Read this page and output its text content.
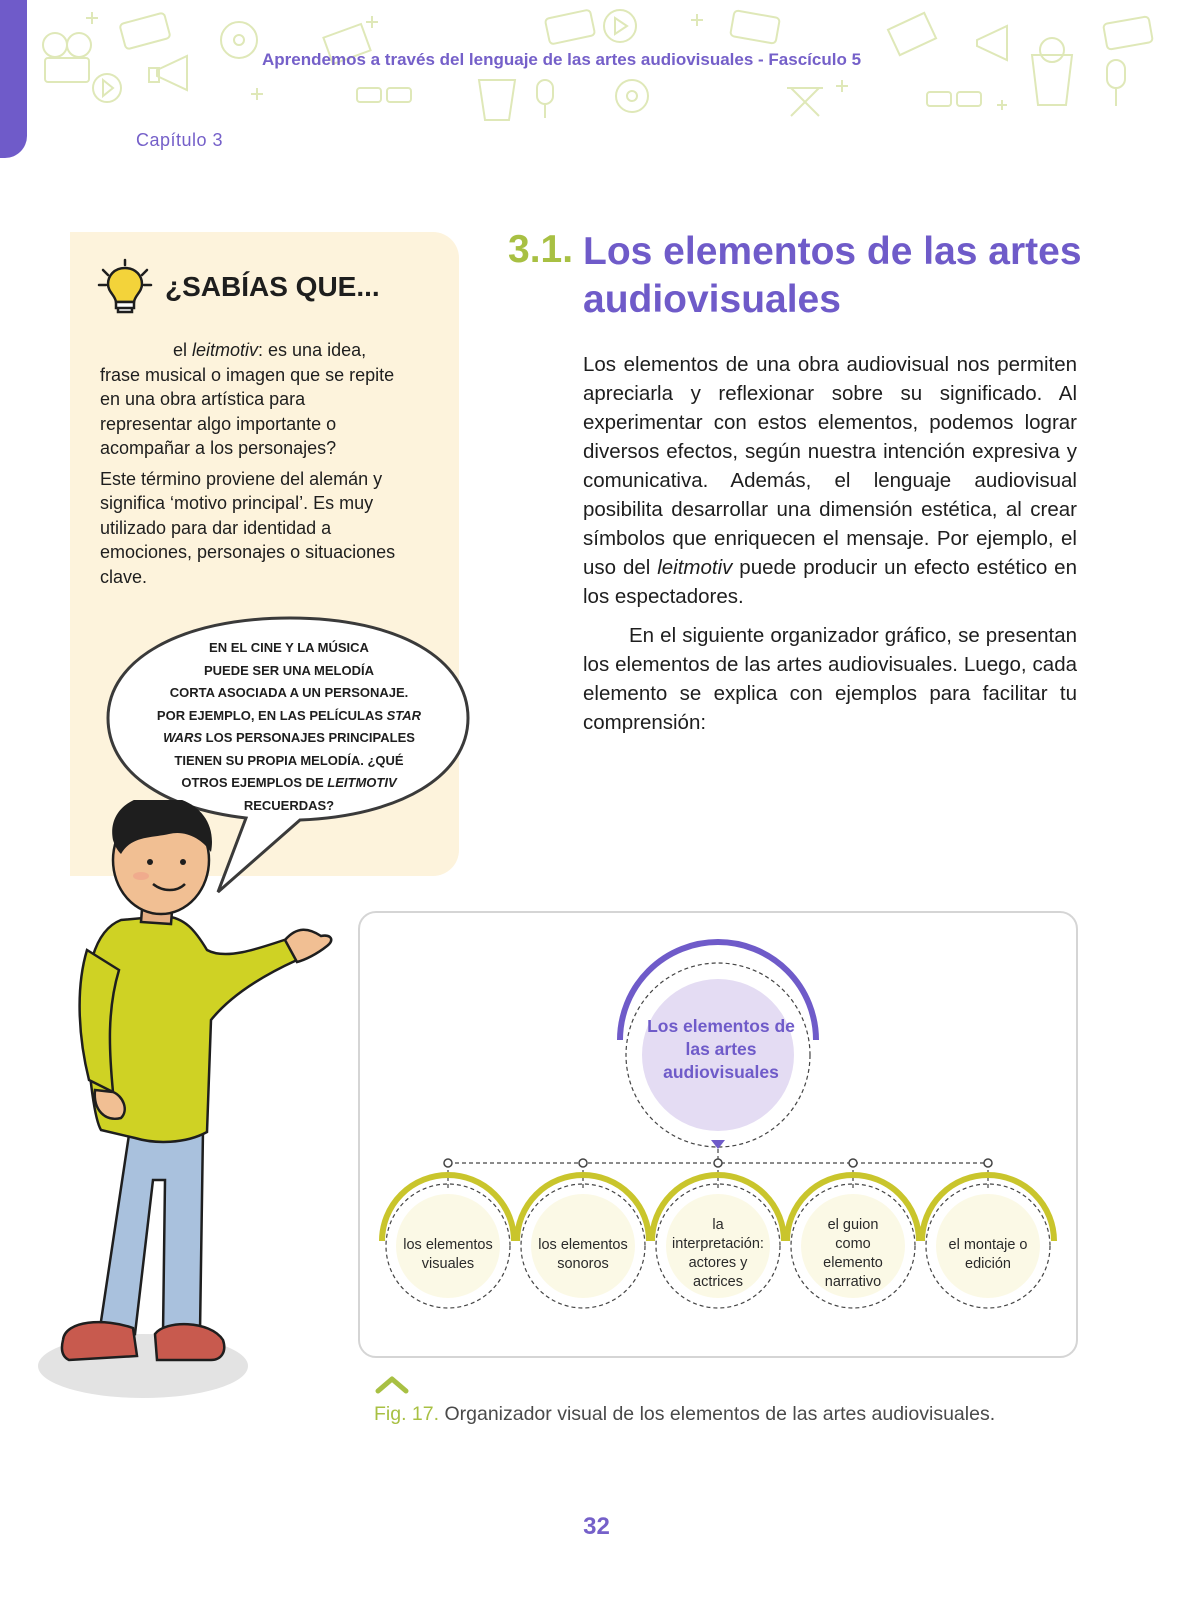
Aprendemos a través del lenguaje de las artes audiovisuales - Fascículo 5
Capítulo 3
¿SABÍAS QUE...

el leitmotiv: es una idea, frase musical o imagen que se repite en una obra artística para representar algo importante o acompañar a los personajes?

Este término proviene del alemán y significa ‘motivo principal’. Es muy utilizado para dar identidad a emociones, personajes o situaciones clave.

EN EL CINE Y LA MÚSICA
PUEDE SER UNA MELODÍA
CORTA ASOCIADA A UN PERSONAJE.
POR EJEMPLO, EN LAS PELÍCULAS STAR
WARS LOS PERSONAJES PRINCIPALES
TIENEN SU PROPIA MELODÍA. ¿QUÉ
OTROS EJEMPLOS DE LEITMOTIV
RECUERDAS?
3.1. Los elementos de las artes audiovisuales

Los elementos de una obra audiovisual nos permiten apreciarla y reflexionar sobre su significado. Al experimentar con estos elementos, podemos lograr diversos efectos, según nuestra intención expresiva y comunicativa. Además, el lenguaje audiovisual posibilita desarrollar una dimensión estética, al crear símbolos que enriquecen el mensaje. Por ejemplo, el uso del leitmotiv puede producir un efecto estético en los espectadores.

En el siguiente organizador gráfico, se presentan los elementos de las artes audiovisuales. Luego, cada elemento se explica con ejemplos para facilitar tu comprensión:

Los elementos de las artes audiovisuales
los elementos visuales
los elementos sonoros
la interpretación: actores y actrices
el guion como elemento narrativo
el montaje o edición
Fig. 17. Organizador visual de los elementos de las artes audiovisuales.
32
